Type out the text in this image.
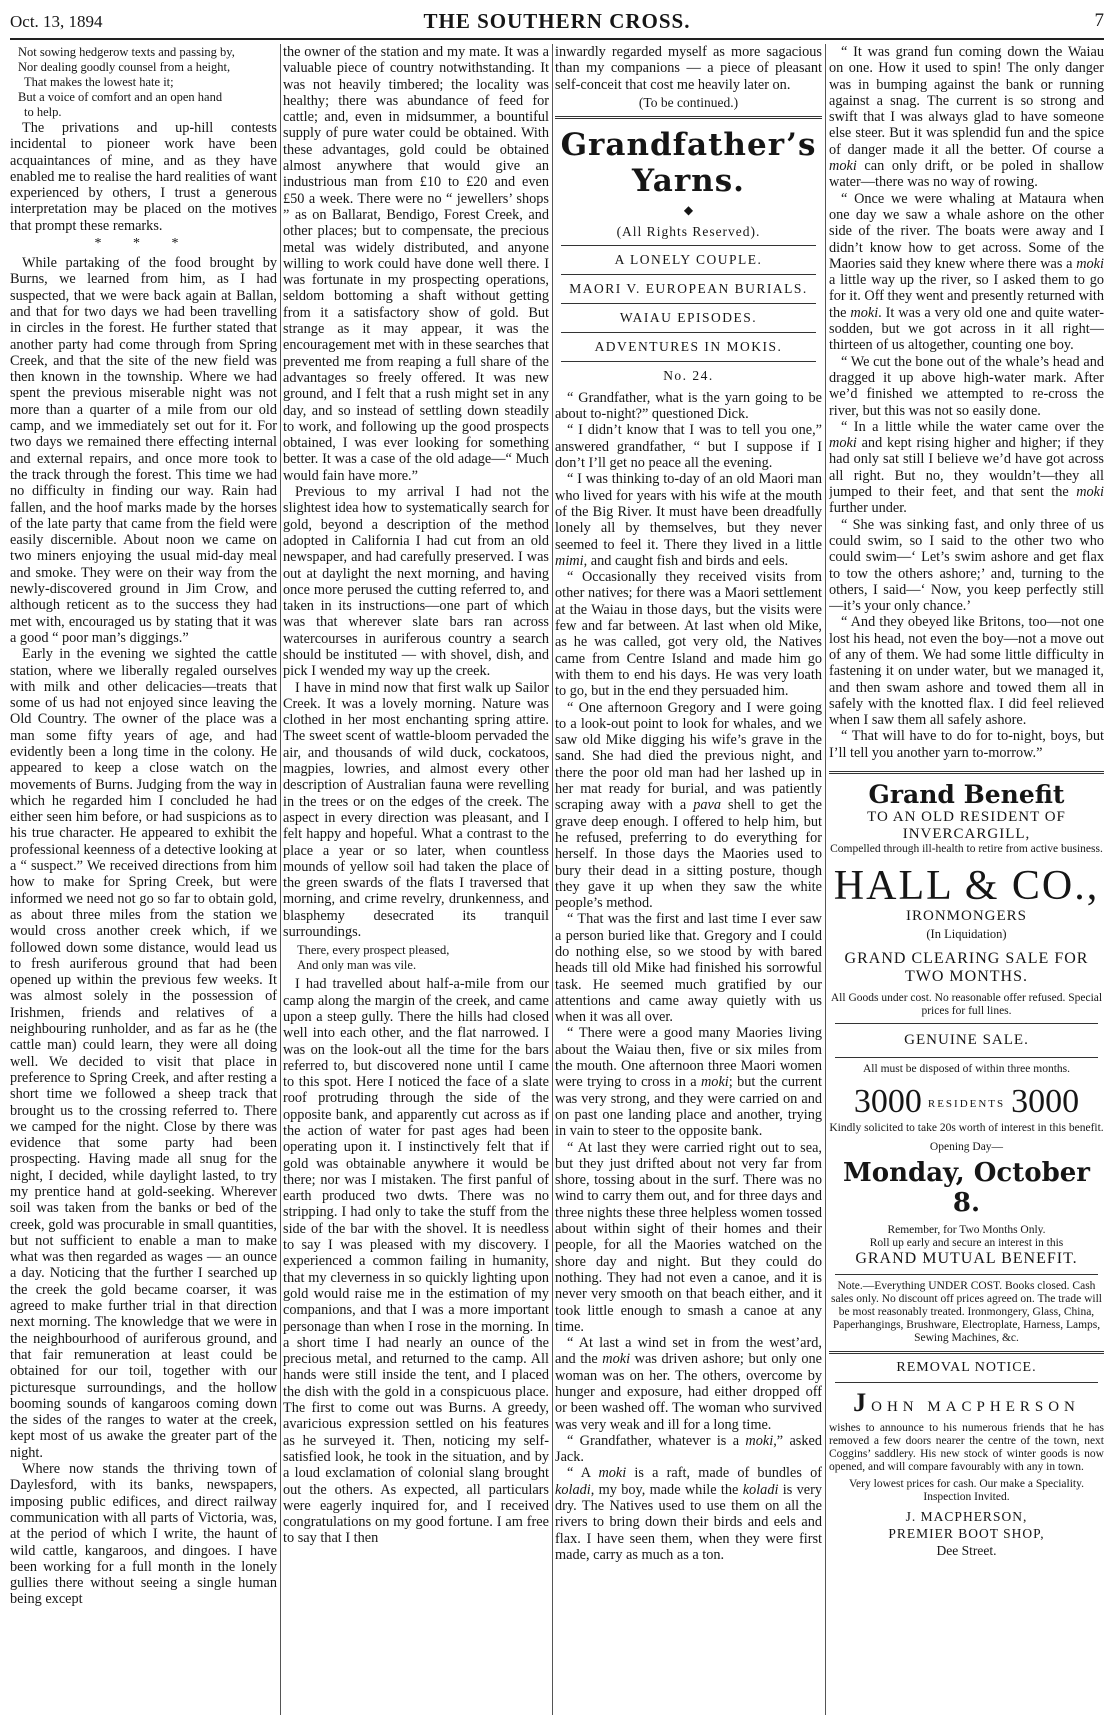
Oct. 13, 1894	THE SOUTHERN CROSS.	7

Not sowing hedgerow texts and passing by,

Nor dealing goodly counsel from a height,

That makes the lowest hate it;

But a voice of comfort and an open hand

to help.

The privations and up-hill contests incidental to pioneer work have been acquaintances of mine, and as they have enabled me to realise the hard realities of want experienced by others, I trust a generous interpretation may be placed on the motives that prompt these remarks.

* * *

While partaking of the food brought by Burns, we learned from him, as I had suspected, that we were back again at Ballan, and that for two days we had been travelling in circles in the forest. He further stated that another party had come through from Spring Creek, and that the site of the new field was then known in the township. Where we had spent the previous miserable night was not more than a quarter of a mile from our old camp, and we immediately set out for it. For two days we remained there effecting internal and external repairs, and once more took to the track through the forest. This time we had no difficulty in finding our way. Rain had fallen, and the hoof marks made by the horses of the late party that came from the field were easily discernible. About noon we came on two miners enjoying the usual mid-day meal and smoke. They were on their way from the newly-discovered ground in Jim Crow, and although reticent as to the success they had met with, encouraged us by stating that it was a good “ poor man’s diggings.”

Early in the evening we sighted the cattle station, where we liberally regaled ourselves with milk and other delicacies—treats that some of us had not enjoyed since leaving the Old Country. The owner of the place was a man some fifty years of age, and had evidently been a long time in the colony. He appeared to keep a close watch on the movements of Burns. Judging from the way in which he regarded him I concluded he had either seen him before, or had suspicions as to his true character. He appeared to exhibit the professional keenness of a detective looking at a “ suspect.” We received directions from him how to make for Spring Creek, but were informed we need not go so far to obtain gold, as about three miles from the station we would cross another creek which, if we followed down some distance, would lead us to fresh auriferous ground that had been opened up within the previous few weeks. It was almost solely in the possession of Irishmen, friends and relatives of a neighbouring runholder, and as far as he (the cattle man) could learn, they were all doing well. We decided to visit that place in preference to Spring Creek, and after resting a short time we followed a sheep track that brought us to the crossing referred to. There we camped for the night. Close by there was evidence that some party had been prospecting. Having made all snug for the night, I decided, while daylight lasted, to try my prentice hand at gold-seeking. Wherever soil was taken from the banks or bed of the creek, gold was procurable in small quantities, but not sufficient to enable a man to make what was then regarded as wages — an ounce a day. Noticing that the further I searched up the creek the gold became coarser, it was agreed to make further trial in that direction next morning. The knowledge that we were in the neighbourhood of auriferous ground, and that fair remuneration at least could be obtained for our toil, together with our picturesque surroundings, and the hollow booming sounds of kangaroos coming down the sides of the ranges to water at the creek, kept most of us awake the greater part of the night.

Where now stands the thriving town of Daylesford, with its banks, newspapers, imposing public edifices, and direct railway communication with all parts of Victoria, was, at the period of which I write, the haunt of wild cattle, kangaroos, and dingoes. I have been working for a full month in the lonely gullies there without seeing a single human being except

the owner of the station and my mate. It was a valuable piece of country notwithstanding. It was not heavily timbered; the locality was healthy; there was abundance of feed for cattle; and, even in midsummer, a bountiful supply of pure water could be obtained. With these advantages, gold could be obtained almost anywhere that would give an industrious man from £10 to £20 and even £50 a week. There were no “ jewellers’ shops ” as on Ballarat, Bendigo, Forest Creek, and other places; but to compensate, the precious metal was widely distributed, and anyone willing to work could have done well there. I was fortunate in my prospecting operations, seldom bottoming a shaft without getting from it a satisfactory show of gold. But strange as it may appear, it was the encouragement met with in these searches that prevented me from reaping a full share of the advantages so freely offered. It was new ground, and I felt that a rush might set in any day, and so instead of settling down steadily to work, and following up the good prospects obtained, I was ever looking for something better. It was a case of the old adage—“ Much would fain have more.”

Previous to my arrival I had not the slightest idea how to systematically search for gold, beyond a description of the method adopted in California I had cut from an old newspaper, and had carefully preserved. I was out at daylight the next morning, and having once more perused the cutting referred to, and taken in its instructions—one part of which was that wherever slate bars ran across watercourses in auriferous country a search should be instituted — with shovel, dish, and pick I wended my way up the creek.

I have in mind now that first walk up Sailor Creek. It was a lovely morning. Nature was clothed in her most enchanting spring attire. The sweet scent of wattle-bloom pervaded the air, and thousands of wild duck, cockatoos, magpies, lowries, and almost every other description of Australian fauna were revelling in the trees or on the edges of the creek. The aspect in every direction was pleasant, and I felt happy and hopeful. What a contrast to the place a year or so later, when countless mounds of yellow soil had taken the place of the green swards of the flats I traversed that morning, and crime revelry, drunkenness, and blasphemy desecrated its tranquil surroundings.

There, every prospect pleased,

And only man was vile.

I had travelled about half-a-mile from our camp along the margin of the creek, and came upon a steep gully. There the hills had closed well into each other, and the flat narrowed. I was on the look-out all the time for the bars referred to, but discovered none until I came to this spot. Here I noticed the face of a slate roof protruding through the side of the opposite bank, and apparently cut across as if the action of water for past ages had been operating upon it. I instinctively felt that if gold was obtainable anywhere it would be there; nor was I mistaken. The first panful of earth produced two dwts. There was no stripping. I had only to take the stuff from the side of the bar with the shovel. It is needless to say I was pleased with my discovery. I experienced a common failing in humanity, that my cleverness in so quickly lighting upon gold would raise me in the estimation of my companions, and that I was a more important personage than when I rose in the morning. In a short time I had nearly an ounce of the precious metal, and returned to the camp. All hands were still inside the tent, and I placed the dish with the gold in a conspicuous place. The first to come out was Burns. A greedy, avaricious expression settled on his features as he surveyed it. Then, noticing my self-satisfied look, he took in the situation, and by a loud exclamation of colonial slang brought out the others. As expected, all particulars were eagerly inquired for, and I received congratulations on my good fortune. I am free to say that I then

inwardly regarded myself as more sagacious than my companions — a piece of pleasant self-conceit that cost me heavily later on.

(To be continued.)

Grandfather’s
Yarns.
◆
(All Rights Reserved).
A LONELY COUPLE.
MAORI V. EUROPEAN BURIALS.
WAIAU EPISODES.
ADVENTURES IN MOKIS.
No. 24.

“ Grandfather, what is the yarn going to be about to-night?” questioned Dick.

“ I didn’t know that I was to tell you one,” answered grandfather, “ but I suppose if I don’t I’ll get no peace all the evening.

“ I was thinking to-day of an old Maori man who lived for years with his wife at the mouth of the Big River. It must have been dreadfully lonely all by themselves, but they never seemed to feel it. There they lived in a little mimi, and caught fish and birds and eels.

“ Occasionally they received visits from other natives; for there was a Maori settlement at the Waiau in those days, but the visits were few and far between. At last when old Mike, as he was called, got very old, the Natives came from Centre Island and made him go with them to end his days. He was very loath to go, but in the end they persuaded him.

“ One afternoon Gregory and I were going to a look-out point to look for whales, and we saw old Mike digging his wife’s grave in the sand. She had died the previous night, and there the poor old man had her lashed up in her mat ready for burial, and was patiently scraping away with a pava shell to get the grave deep enough. I offered to help him, but he refused, preferring to do everything for herself. In those days the Maories used to bury their dead in a sitting posture, though they gave it up when they saw the white people’s method.

“ That was the first and last time I ever saw a person buried like that. Gregory and I could do nothing else, so we stood by with bared heads till old Mike had finished his sorrowful task. He seemed much gratified by our attentions and came away quietly with us when it was all over.

“ There were a good many Maories living about the Waiau then, five or six miles from the mouth. One afternoon three Maori women were trying to cross in a moki; but the current was very strong, and they were carried on and on past one landing place and another, trying in vain to steer to the opposite bank.

“ At last they were carried right out to sea, but they just drifted about not very far from shore, tossing about in the surf. There was no wind to carry them out, and for three days and three nights these three helpless women tossed about within sight of their homes and their people, for all the Maories watched on the shore day and night. But they could do nothing. They had not even a canoe, and it is never very smooth on that beach either, and it took little enough to smash a canoe at any time.

“ At last a wind set in from the west’ard, and the moki was driven ashore; but only one woman was on her. The others, overcome by hunger and exposure, had either dropped off or been washed off. The woman who survived was very weak and ill for a long time.

“ Grandfather, whatever is a moki,” asked Jack.

“ A moki is a raft, made of bundles of koladi, my boy, made while the koladi is very dry. The Natives used to use them on all the rivers to bring down their birds and eels and flax. I have seen them, when they were first made, carry as much as a ton.

“ It was grand fun coming down the Waiau on one. How it used to spin! The only danger was in bumping against the bank or running against a snag. The current is so strong and swift that I was always glad to have someone else steer. But it was splendid fun and the spice of danger made it all the better. Of course a moki can only drift, or be poled in shallow water—there was no way of rowing.

“ Once we were whaling at Mataura when one day we saw a whale ashore on the other side of the river. The boats were away and I didn’t know how to get across. Some of the Maories said they knew where there was a moki a little way up the river, so I asked them to go for it. Off they went and presently returned with the moki. It was a very old one and quite water-sodden, but we got across in it all right—thirteen of us altogether, counting one boy.

“ We cut the bone out of the whale’s head and dragged it up above high-water mark. After we’d finished we attempted to re-cross the river, but this was not so easily done.

“ In a little while the water came over the moki and kept rising higher and higher; if they had only sat still I believe we’d have got across all right. But no, they wouldn’t—they all jumped to their feet, and that sent the moki further under.

“ She was sinking fast, and only three of us could swim, so I said to the other two who could swim—‘ Let’s swim ashore and get flax to tow the others ashore;’ and, turning to the others, I said—‘ Now, you keep perfectly still—it’s your only chance.’

“ And they obeyed like Britons, too—not one lost his head, not even the boy—not a move out of any of them. We had some little difficulty in fastening it on under water, but we managed it, and then swam ashore and towed them all in safely with the knotted flax. I did feel relieved when I saw them all safely ashore.

“ That will have to do for to-night, boys, but I’ll tell you another yarn to-morrow.”

Grand Benefit
TO AN OLD RESIDENT OF
INVERCARGILL,
Compelled through ill-health to retire from active business.
HALL & CO.,
IRONMONGERS
(In Liquidation)
GRAND CLEARING SALE FOR TWO MONTHS.
All Goods under cost. No reasonable offer refused. Special prices for full lines.
GENUINE SALE.
All must be disposed of within three months.
3000 RESIDENTS 3000
Kindly solicited to take 20s worth of interest in this benefit.
Opening Day—
Monday, October 8.
Remember, for Two Months Only.
Roll up early and secure an interest in this
GRAND MUTUAL BENEFIT.
Note.—Everything UNDER COST. Books closed. Cash sales only. No discount off prices agreed on. The trade will be most reasonably treated. Ironmongery, Glass, China, Paperhangings, Brushware, Electroplate, Harness, Lamps, Sewing Machines, &c.
REMOVAL NOTICE.
JOHN MACPHERSON
wishes to announce to his numerous friends that he has removed a few doors nearer the centre of the town, next Coggins’ saddlery. His new stock of winter goods is now opened, and will compare favourably with any in town.
Very lowest prices for cash. Our make a Speciality. Inspection Invited.
J. MACPHERSON,
PREMIER BOOT SHOP,
Dee Street.
